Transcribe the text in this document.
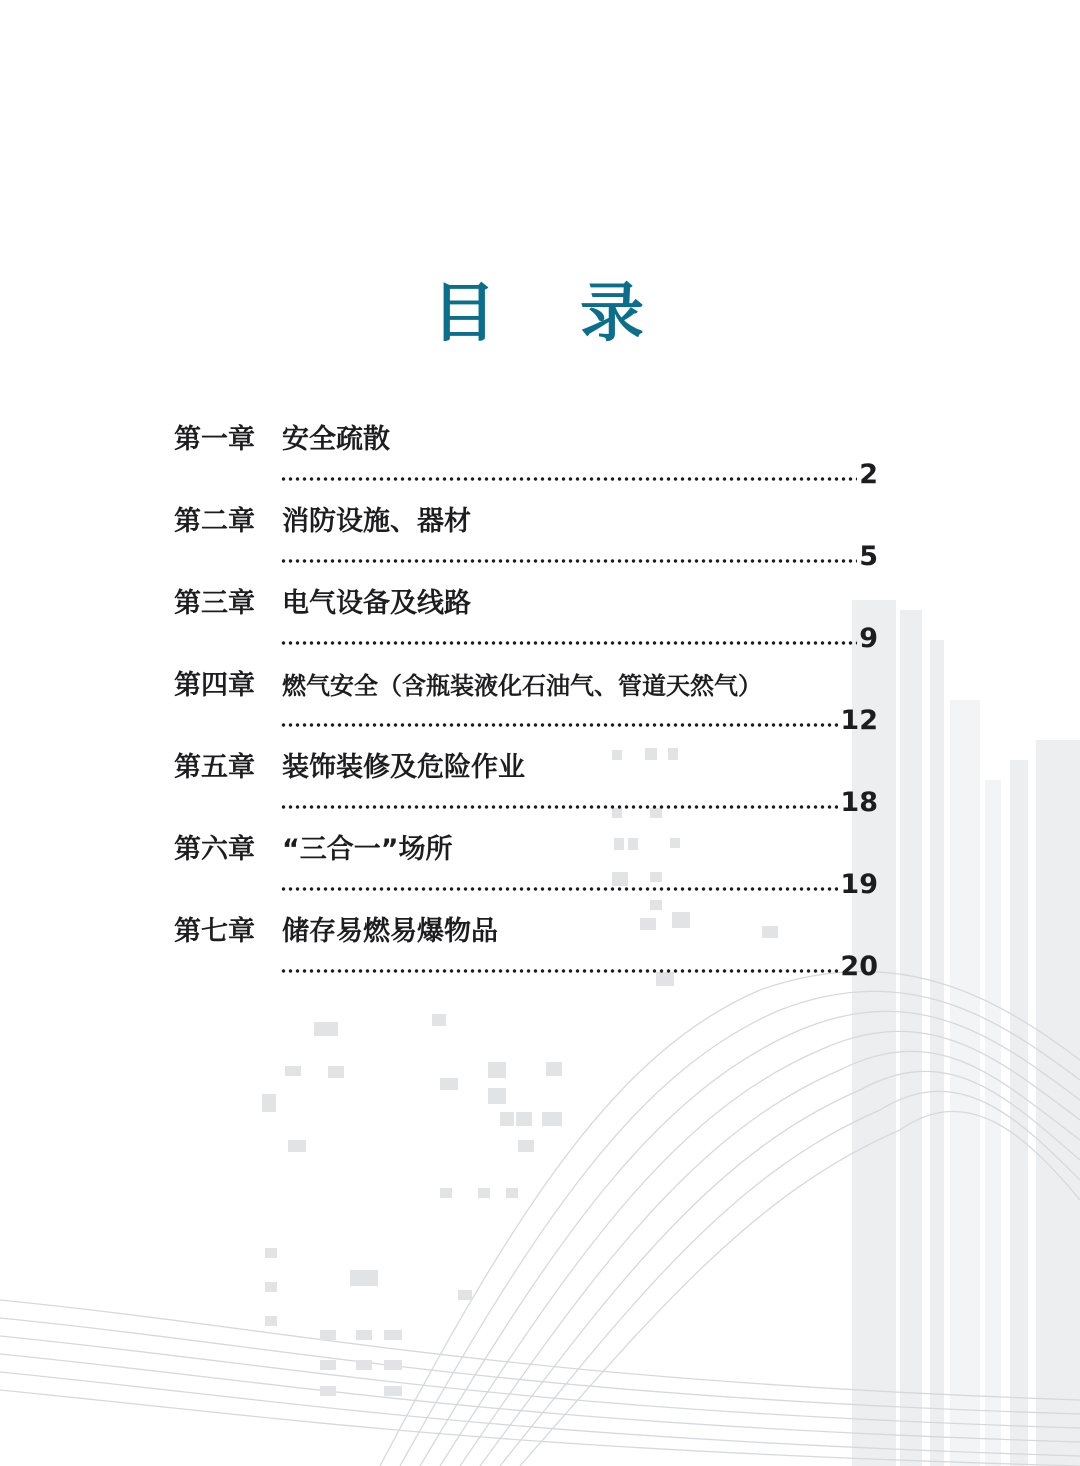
目 录
第一章 安全疏散
2
第二章 消防设施、器材
5
第三章 电气设备及线路
9
第四章 燃气安全（含瓶装液化石油气、管道天然气）
12
第五章 装饰装修及危险作业
18
第六章 “三合一”场所
19
第七章 储存易燃易爆物品
20
